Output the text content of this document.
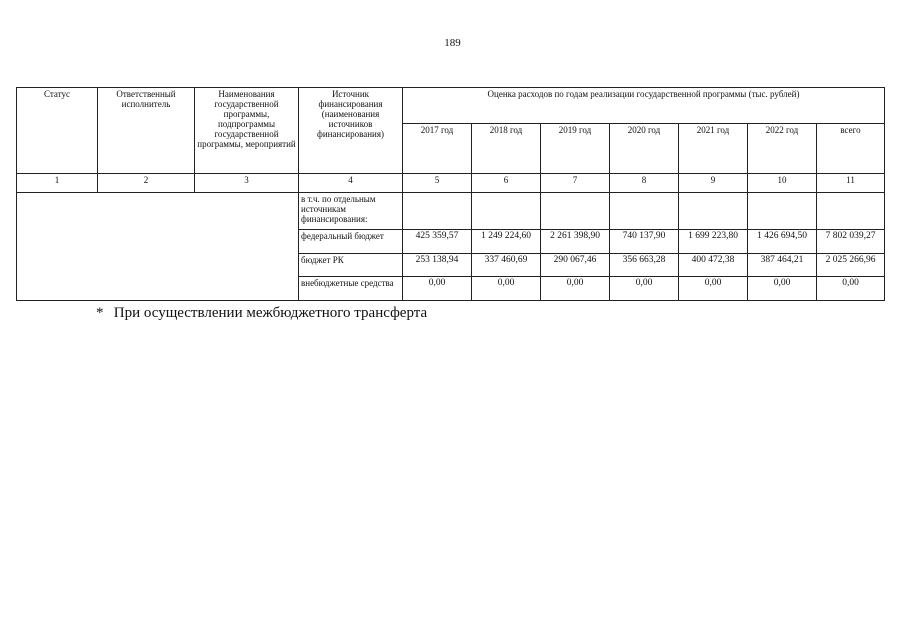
189
Статус	Ответственный исполнитель	Наименования государственной программы, подпрограммы государственной программы, мероприятий	Источник финансирования (наименования источников финансирования)	Оценка расходов по годам реализации государственной программы (тыс. рублей)						
				2017 год	2018 год	2019 год	2020 год	2021 год	2022 год	всего
1	2	3	4	5	6	7	8	9	10	11
			в т.ч. по отдельным источникам финансирования:							
			федеральный бюджет	425 359,57	1 249 224,60	2 261 398,90	740 137,90	1 699 223,80	1 426 694,50	7 802 039,27
			бюджет РК	253 138,94	337 460,69	290 067,46	356 663,28	400 472,38	387 464,21	2 025 266,96
			внебюджетные средства	0,00	0,00	0,00	0,00	0,00	0,00	0,00
* При осуществлении межбюджетного трансферта
